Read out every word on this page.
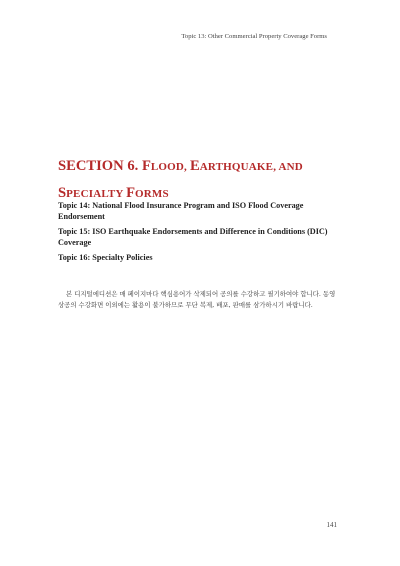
Topic 13: Other Commercial Property Coverage Forms
SECTION 6. FLOOD, EARTHQUAKE, AND
SPECIALTY FORMS

Topic 14: National Flood Insurance Program and ISO Flood Coverage Endorsement

Topic 15: ISO Earthquake Endorsements and Difference in Conditions (DIC) Coverage

Topic 16: Specialty Policies

본 디지털에디션은 매 페이지마다 핵심용어가 삭제되어 공의를 수강하고 필기하여야 합니다. 동영상공의 수강화면 이외에는 활용이 불가하므로 무단 복제, 배포, 판매를 삼가하시기 바랍니다.

141
